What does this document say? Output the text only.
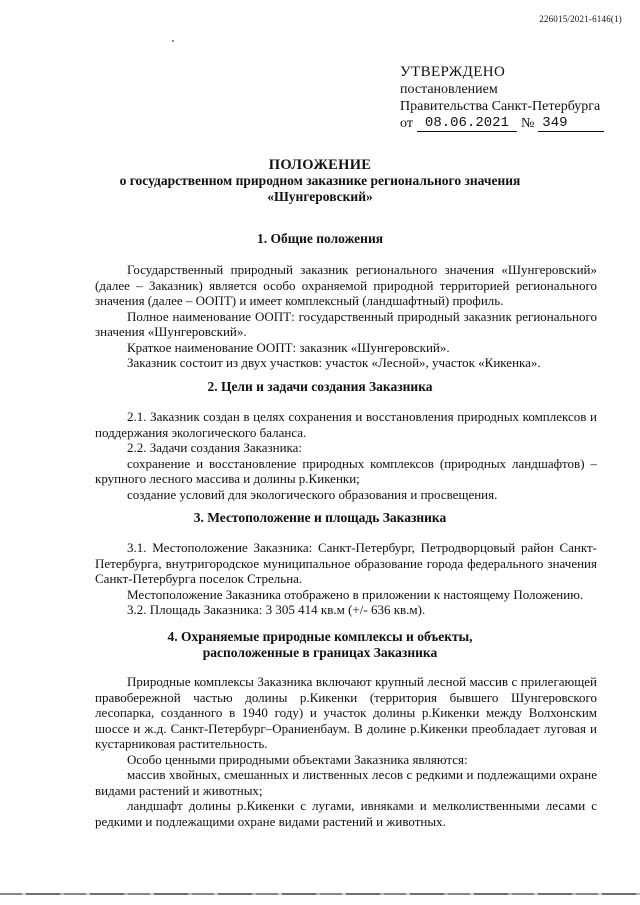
226015/2021-6146(1)
УТВЕРЖДЕНО
постановлением
Правительства Санкт-Петербурга
от 08.06.2021 № 349
ПОЛОЖЕНИЕ
о государственном природном заказнике регионального значения
«Шунгеровский»
1. Общие положения

Государственный природный заказник регионального значения «Шунгеровский» (далее – Заказник) является особо охраняемой природной территорией регионального значения (далее – ООПТ) и имеет комплексный (ландшафтный) профиль.

Полное наименование ООПТ: государственный природный заказник регионального значения «Шунгеровский».

Краткое наименование ООПТ: заказник «Шунгеровский».

Заказник состоит из двух участков: участок «Лесной», участок «Кикенка».

2. Цели и задачи создания Заказника

2.1. Заказник создан в целях сохранения и восстановления природных комплексов и поддержания экологического баланса.

2.2. Задачи создания Заказника:

сохранение и восстановление природных комплексов (природных ландшафтов) – крупного лесного массива и долины р.Кикенки;

создание условий для экологического образования и просвещения.

3. Местоположение и площадь Заказника

3.1. Местоположение Заказника: Санкт-Петербург, Петродворцовый район Санкт-Петербурга, внутригородское муниципальное образование города федерального значения Санкт-Петербурга поселок Стрельна.

Местоположение Заказника отображено в приложении к настоящему Положению.

3.2. Площадь Заказника: 3 305 414 кв.м (+/- 636 кв.м).

4. Охраняемые природные комплексы и объекты,
расположенные в границах Заказника

Природные комплексы Заказника включают крупный лесной массив с прилегающей правобережной частью долины р.Кикенки (территория бывшего Шунгеровского лесопарка, созданного в 1940 году) и участок долины р.Кикенки между Волхонским шоссе и ж.д. Санкт-Петербург–Ораниенбаум. В долине р.Кикенки преобладает луговая и кустарниковая растительность.

Особо ценными природными объектами Заказника являются:

массив хвойных, смешанных и лиственных лесов с редкими и подлежащими охране видами растений и животных;

ландшафт долины р.Кикенки с лугами, ивняками и мелколиственными лесами с редкими и подлежащими охране видами растений и животных.
